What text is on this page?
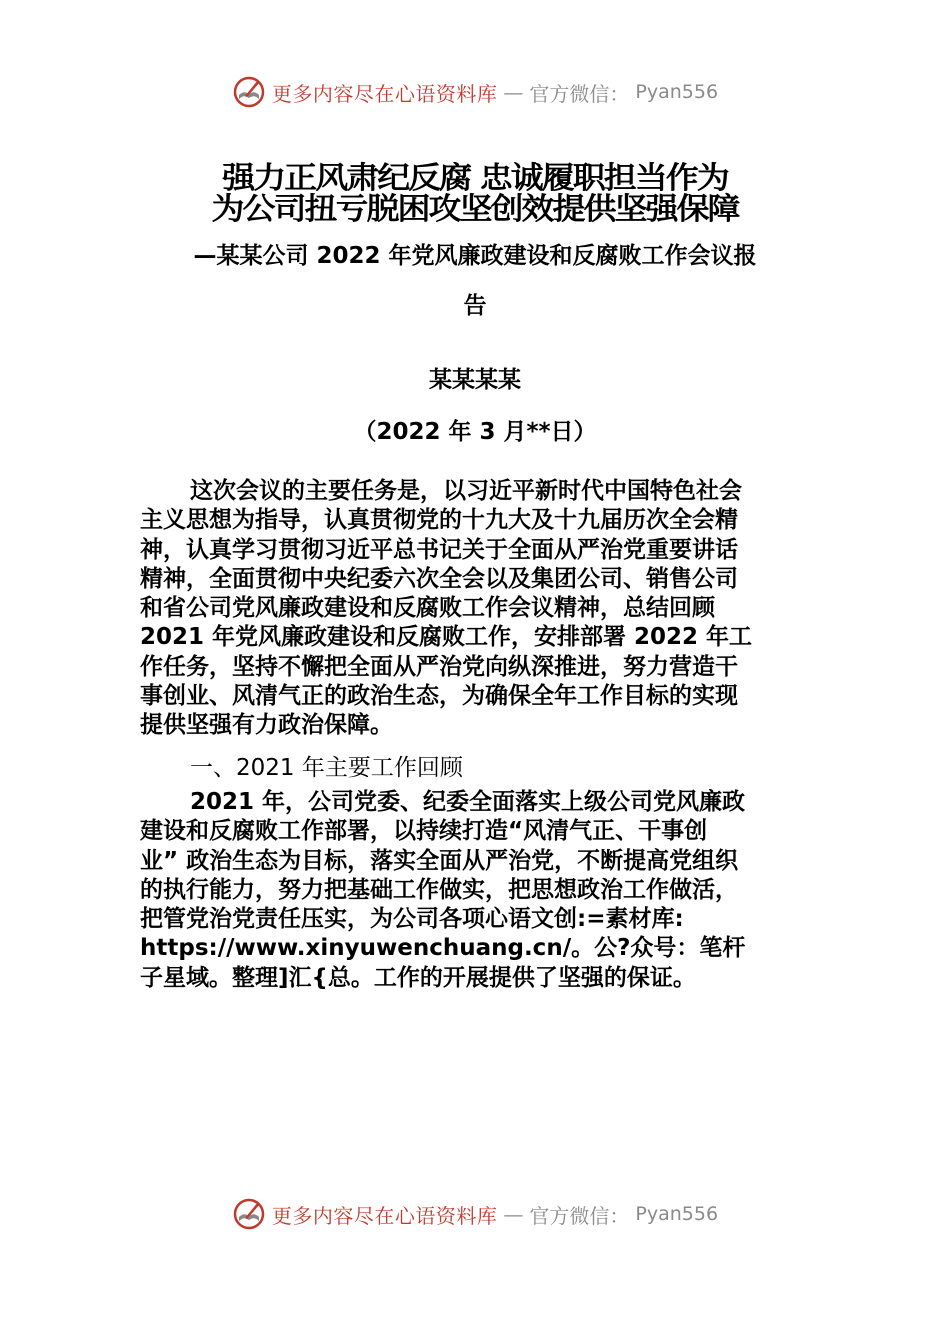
更多内容尽在心语资料库 — 官方微信： Pyan556
强力正风肃纪反腐 忠诚履职担当作为
为公司扭亏脱困攻坚创效提供坚强保障
—某某公司 2022 年党风廉政建设和反腐败工作会议报
告
某某某某
（2022 年 3 月**日）
这次会议的主要任务是，以习近平新时代中国特色社会
主义思想为指导，认真贯彻党的十九大及十九届历次全会精
神，认真学习贯彻习近平总书记关于全面从严治党重要讲话
精神，全面贯彻中央纪委六次全会以及集团公司、销售公司
和省公司党风廉政建设和反腐败工作会议精神，总结回顾
2021 年党风廉政建设和反腐败工作，安排部署 2022 年工
作任务，坚持不懈把全面从严治党向纵深推进，努力营造干
事创业、风清气正的政治生态，为确保全年工作目标的实现
提供坚强有力政治保障。
一、2021 年主要工作回顾
2021 年，公司党委、纪委全面落实上级公司党风廉政
建设和反腐败工作部署，以持续打造“风清气正、干事创
业” 政治生态为目标，落实全面从严治党，不断提高党组织
的执行能力，努力把基础工作做实，把思想政治工作做活，
把管党治党责任压实，为公司各项心语文创:=素材库:
https://www.xinyuwenchuang.cn/。公?众号：笔杆
子星域。整理]汇{总。工作的开展提供了坚强的保证。
更多内容尽在心语资料库 — 官方微信： Pyan556
